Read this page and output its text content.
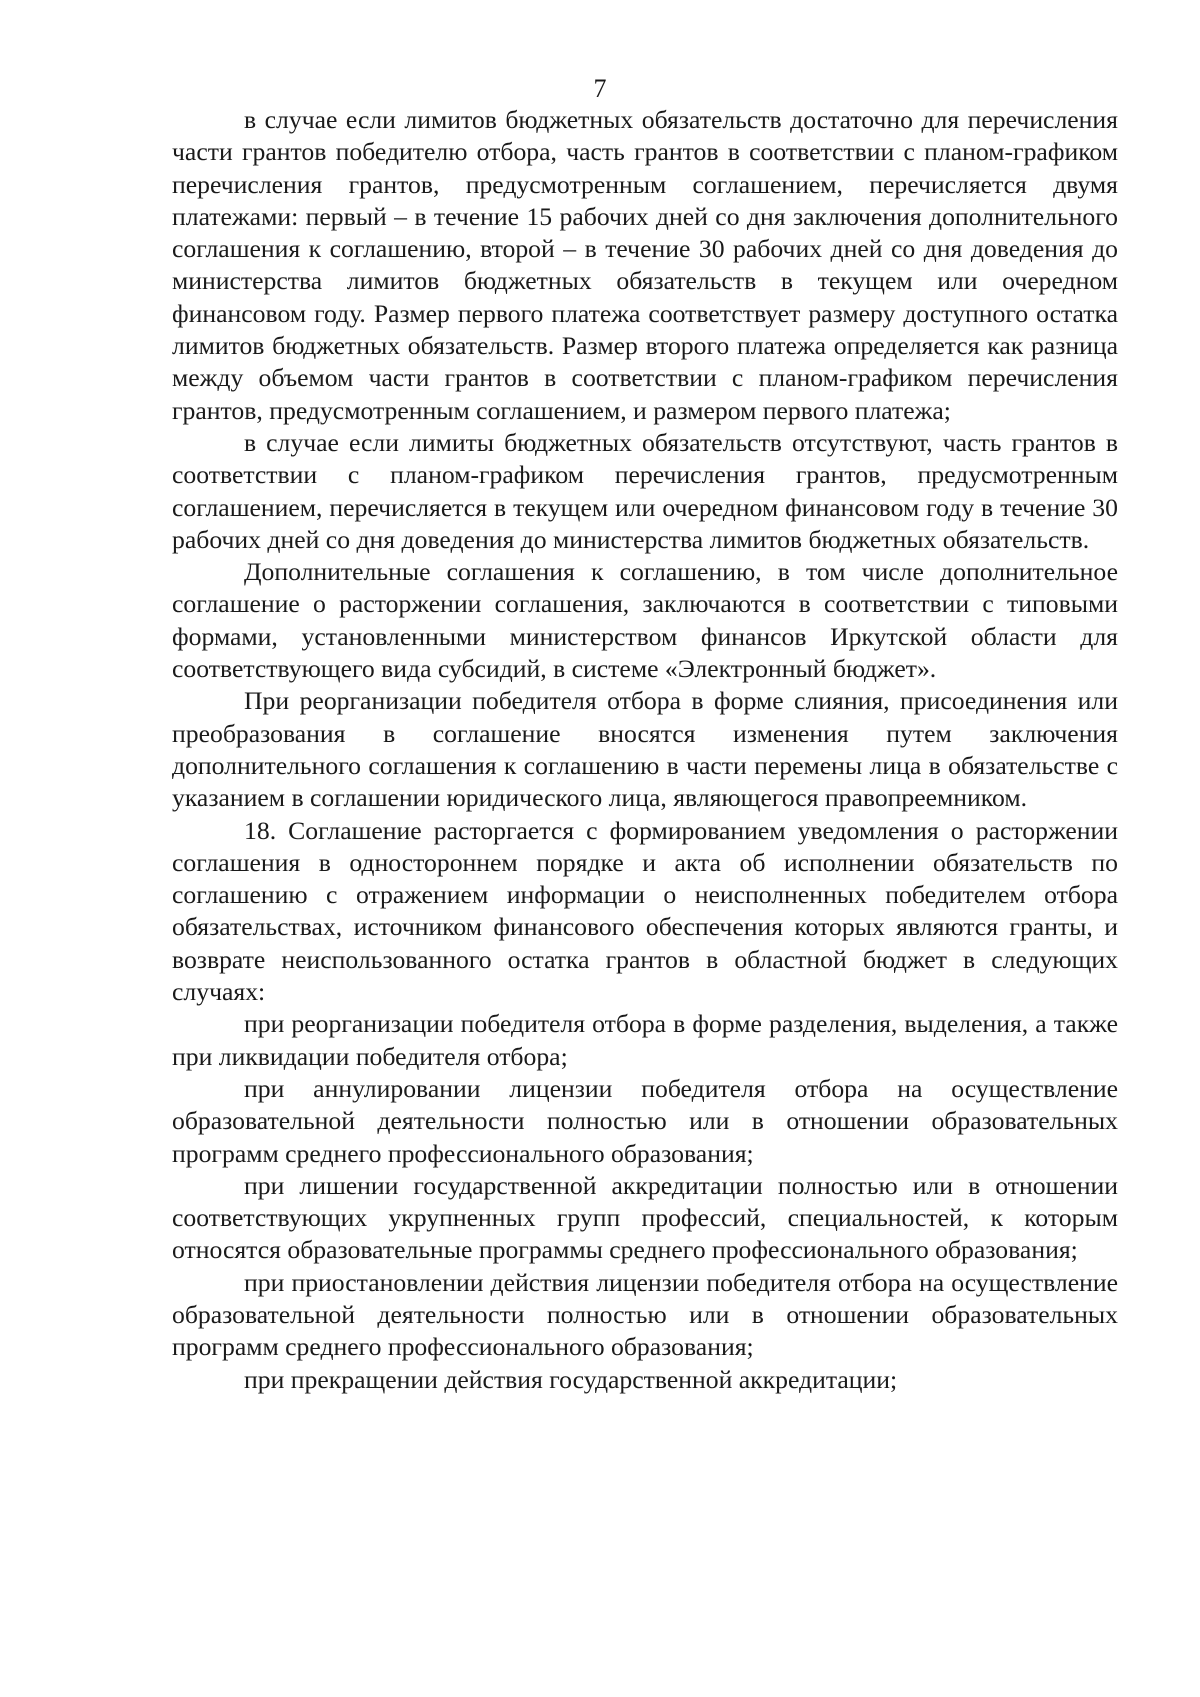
7

в случае если лимитов бюджетных обязательств достаточно для перечисления части грантов победителю отбора, часть грантов в соответствии с планом-графиком перечисления грантов, предусмотренным соглашением, перечисляется двумя платежами: первый – в течение 15 рабочих дней со дня заключения дополнительного соглашения к соглашению, второй – в течение 30 рабочих дней со дня доведения до министерства лимитов бюджетных обязательств в текущем или очередном финансовом году. Размер первого платежа соответствует размеру доступного остатка лимитов бюджетных обязательств. Размер второго платежа определяется как разница между объемом части грантов в соответствии с планом-графиком перечисления грантов, предусмотренным соглашением, и размером первого платежа;

в случае если лимиты бюджетных обязательств отсутствуют, часть грантов в соответствии с планом-графиком перечисления грантов, предусмотренным соглашением, перечисляется в текущем или очередном финансовом году в течение 30 рабочих дней со дня доведения до министерства лимитов бюджетных обязательств.

Дополнительные соглашения к соглашению, в том числе дополнительное соглашение о расторжении соглашения, заключаются в соответствии с типовыми формами, установленными министерством финансов Иркутской области для соответствующего вида субсидий, в системе «Электронный бюджет».

При реорганизации победителя отбора в форме слияния, присоединения или преобразования в соглашение вносятся изменения путем заключения дополнительного соглашения к соглашению в части перемены лица в обязательстве с указанием в соглашении юридического лица, являющегося правопреемником.

18. Соглашение расторгается с формированием уведомления о расторжении соглашения в одностороннем порядке и акта об исполнении обязательств по соглашению с отражением информации о неисполненных победителем отбора обязательствах, источником финансового обеспечения которых являются гранты, и возврате неиспользованного остатка грантов в областной бюджет в следующих случаях:

при реорганизации победителя отбора в форме разделения, выделения, а также при ликвидации победителя отбора;

при аннулировании лицензии победителя отбора на осуществление образовательной деятельности полностью или в отношении образовательных программ среднего профессионального образования;

при лишении государственной аккредитации полностью или в отношении соответствующих укрупненных групп профессий, специальностей, к которым относятся образовательные программы среднего профессионального образования;

при приостановлении действия лицензии победителя отбора на осуществление образовательной деятельности полностью или в отношении образовательных программ среднего профессионального образования;

при прекращении действия государственной аккредитации;
